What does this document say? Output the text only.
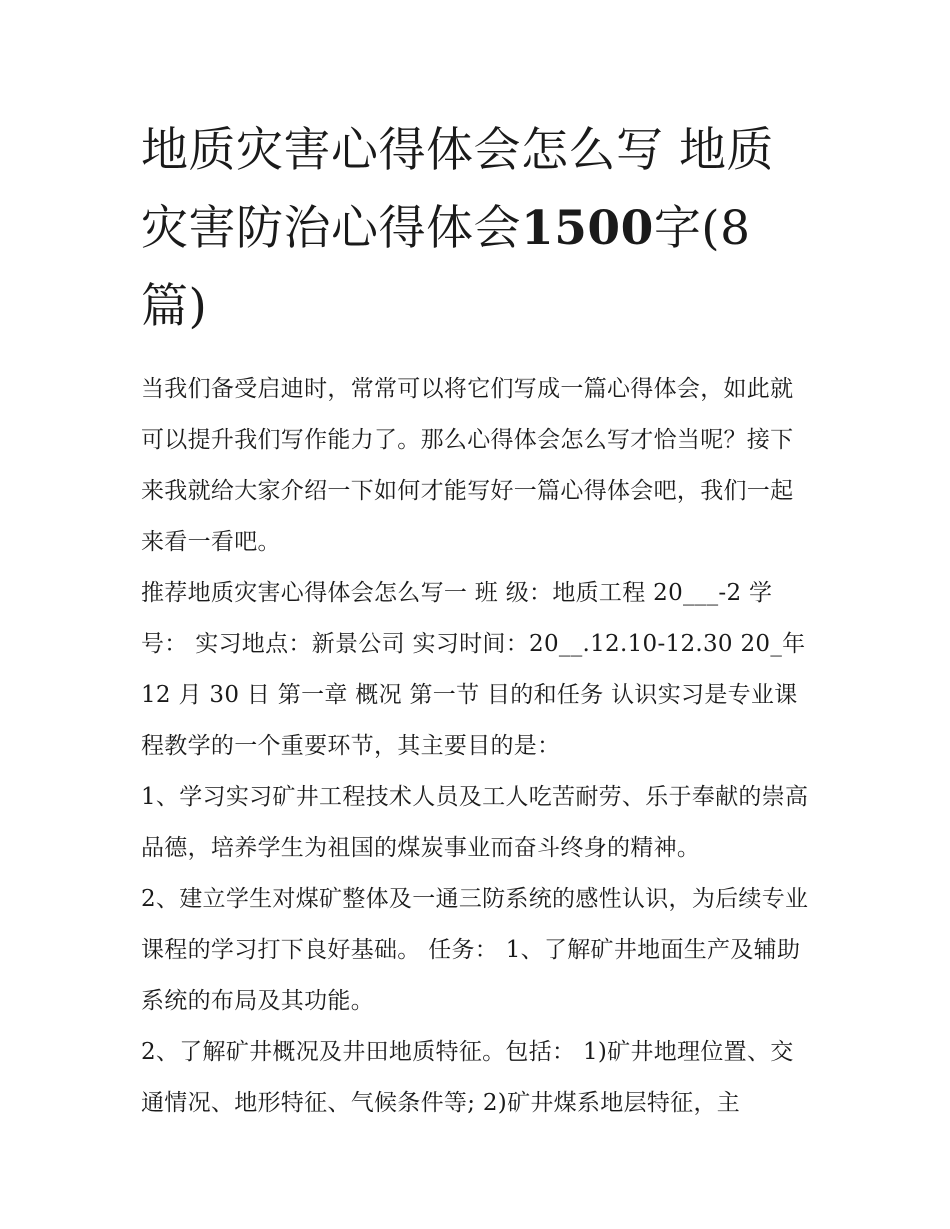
地质灾害心得体会怎么写 地质灾害防治心得体会1500字(8
篇)

当我们备受启迪时，常常可以将它们写成一篇心得体会，如此就可以提升我们写作能力了。那么心得体会怎么写才恰当呢？接下来我就给大家介绍一下如何才能写好一篇心得体会吧，我们一起来看一看吧。

推荐地质灾害心得体会怎么写一 班 级：地质工程 20___-2 学号： 实习地点：新景公司 实习时间：20__.12.10-12.30 20_年 12 月 30 日 第一章 概况 第一节 目的和任务 认识实习是专业课程教学的一个重要环节，其主要目的是：

1、学习实习矿井工程技术人员及工人吃苦耐劳、乐于奉献的崇高品德，培养学生为祖国的煤炭事业而奋斗终身的精神。

2、建立学生对煤矿整体及一通三防系统的感性认识，为后续专业课程的学习打下良好基础。 任务： 1、了解矿井地面生产及辅助系统的布局及其功能。

2、了解矿井概况及井田地质特征。包括： 1)矿井地理位置、交通情况、地形特征、气候条件等; 2)矿井煤系地层特征，主
